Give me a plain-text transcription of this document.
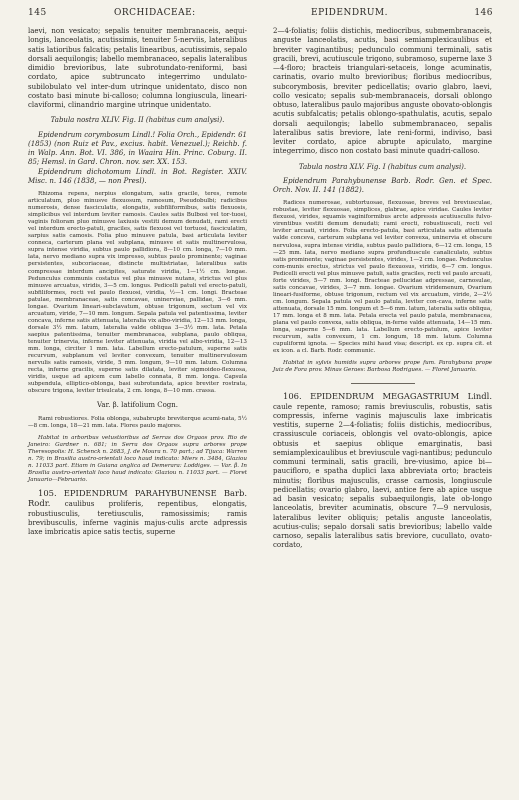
145	ORCHIDACEAE:	EPIDENDRUM.	146

laevi, non vesicato; sepalis tenuiter membranaceis, aequi-longis, lanceolatis, acutissimis, tenuiter 5-nerviis, lateralibus satis latioribus falcatis; petalis linearibus, acutissimis, sepalo dorsali aequilongis; labello membranaceo, sepalis lateralibus dimidio brevioribus, late subrotundato-reniformi, basi cordato, apice subtruncato integerrimo undulato-subilobulato vel inter-dum utrinque unidentato, disco non costato basi minute bi-calloso; columna longiuscula, lineari-claviformi, clinandrio margine utrinque unidentato.

Tabula nostra XLIV. Fig. II (habitus cum analysi).

Epidendrum corymbosum Lindl.! Folia Orch., Epidendr. 61 (1853) (non Ruiz et Pav., excius. habit. Venezuel.); Reichb. f. in Walp. Ann. Bot. VI. 386, in Waaira Hin. Princ. Coburg. II. 85; Hemsl. in Gard. Chron. nov. ser. XX. 153.

Epidendrum dichotomum Lindl. in Bot. Register. XXIV. Misc. n. 146 (1838, — non Presl).

Rhizoma repens, nerpius elongatum, satis gracile, teres, remote articulatum, pluo minusve flexuosum, ramosum, Pseudobulbi; radicibus numerosis, dense fasciculatis, elongatis, subfiliformibus, satis flexuosis, simplicibus vel interdum leviter ramosis. Caules satis Bulbosi vel tor-tuosi, vaginis folioram pluo minusve laxiusis vestiti demum denudati, rami erecti vel interdum erecto-patuli, graciles, satis flexuosi vel tortuosi, fasciculatim, sarpius satis camosis. Folia pluo minusve patula, basi articulata leviter conneca, carterum plana vel subplana, minusve et satis multinervulosa, supra intense viridia, subtus paulo pallidiora, 8—10 cm. longa, 7—10 mm. lata, nervo mediano supra vix impresso, subtus paulo prominente; vaginae persistentes, subcoriaceae, distincte multistriatae, lateralibus satis compressae interdum ancipites, saturate viridia, 1—1½ cm. longae. Pedunculus communis costatus vel plus minusve nutans, strictus vel plus minusve arcuatus, viridis, 3—5 cm. longus. Pedicelli patuli vel erecto-patuli, subfiliformes, recti vel paulo flexuosi, viridia, ½—1 cm. longi. Bracteae patulae, membranaceae, satis concavae, uninerviae, pallidae, 3—6 mm. longae. Ovarium lineari-subclavatum, obtuse trigonum, sectum vel vix arcuatum, viride, 7—10 mm. longum. Sepala patula vel patentissima, leviter concava, inferne satis attenuata, lateralia vix albo-viridia, 12—13 mm. longa, dorsale 3½ mm. latum, lateralia valde obliqua 3—3½ mm. lata. Petala saepius patentissima, tenuiter membranacea, subplana, paulo obliqua, tenuiter trinervia, inferne leviter attenuata, viridia vel albo-viridia, 12—13 mm. longa, circiter 1 mm. lata. Labellum erecto-patulum, superne satis recurvum, subplanum vel leviter convexum, tenuiter multinervulosum nervulis satis ramosis, viride, 5 mm. longum, 9—10 mm. latum. Columna recta, inferne gracilis, superne satis dilatata, leviter sigmoideo-flexuosa, viridis, usque ad apicem cum labello connata, 8 mm. longa. Capsula subpendula, elliptico-oblonga, basi subrotundata, apice breviter rostrata, obscure trigona, leviter trisulcata, 2 cm. longa, 8—10 mm. crassa.

Var. β. latifolium Cogn.

Rami robustiores. Folia oblonga, subabrupte breviterque acumi-nata, 5½—8 cm. longa, 18—21 mm. lata. Flores paulo majores.

Habitat in arboribus vetustioribus ad Serras dos Orgaos prov. Rio de Janeiro: Gardner n. 681; in Serra dos Orgaos supra arbores prope Theresopolis: H. Schenck n. 2683, J. de Moura n. 70 part.; ad Tijuca: Warren n. 79; in Brasilia austro-orientali loco haud indicato: Miers n. 3484, Glaziou n. 11033 part. Etiam in Guiana anglica ad Demerara: Loddiges. — Var. β. In Brasilia austro-orientali loco haud indicato: Glaziou n. 11033 part. — Floret Januario—Februario.

105. EPIDENDRUM PARAHYBUNENSE Barb. Rodr. caulibus proliferis, repentibus, elongatis, robustiusculis, teretiusculis, ramosissimis; ramis brevibusculis, inferne vaginis majus-culis arcte adpressis laxe imbricatis apice satis tectis, superne

2—4-foliatis; foliis distichis, mediocribus, submembranaceis, anguste lanceolatis, acutis, basi semiamplexicaulibus et breviter vaginantibus; pedunculo communi terminali, satis gracili, brevi, acutiuscule trigono, subramoso, superne laxe 3—4-floro; bracteis triangulari-setaceis, longe acuminatis, carinatis, ovario multo brevioribus; floribus mediocribus, subcorymbosis, breviter pedicellatis; ovario glabro, laevi, collo vesicato; sepalis sub-membranaceis, dorsali oblongo obtuso, lateralibus paulo majoribus anguste obovato-oblongis acutis subfalcatis; petalis oblongo-spathulatis, acutis, sepalo dorsali aequilongis; labello submembranaceo, sepalis lateralibus satis breviore, late reni-formi, indiviso, basi leviter cordato, apice abrupte apiculato, margine integerrimo, disco non costato basi minute quadri-calloso.

Tabula nostra XLV. Fig. I (habitus cum analysi).

Epidendrum Parahybunense Barb. Rodr. Gen. et Spec. Orch. Nov. II. 141 (1882).

Radices numerosae, subtortuosae, flexuosae, breves vel breviusculae, robustae, leviter flexuosae, simplices, glabrae, apice viridae. Caules leviter flexuosi, virides, squamis vaginiformibus arcte adpressis acutiusculis fulvo-virentibus vestiti demum denudati; rami erecti, robustiusculi, recti vel leviter arcuati, virides. Folia erecto-patula, basi articulata satis attenuata valde conceva, carterum subplana vel leviter convexa, uninervia et obscure nervulosa, supra intense viridia, subtus paulo pallidiora, 6—12 cm. longa, 15—25 mm. lata, nervo mediano supra profundiuscule canaliculato, subtus satis prominente; vaginae persistentes, virides, 1—2 cm. longae. Pedunculus com-munis erectus, strictus vel paulo flexuosus, viridis, 6—7 cm. longus. Pedicelli erecti vel plus minusve patuli, satis graciles, recti vel paulo arcuati, forte virides, 5—7 mm. longi. Bracteae pellucidae adpressae, carnosulae, satis concavae, virides, 3—7 mm. longae. Ovarium viridemenum, Ovarium lineari-fusiforme, obtuse trigonum, rectum vel vix arcuatum, viride, 2—2½ cm. longum. Sepala patula vel paulo patula, leviter con-cava, inferne satis attenuata, dorsale 15 mm. longum et 5—6 mm. latum, lateralia satis obliqua, 17 mm. longa et 8 mm. lata. Petala erecta vel paulo patula, membranacea, plana vel paulo convexa, satis obliqua, in-ferne valde attenuata, 14—15 mm. longa, superne 5—6 mm. lata. Labellum erecto-patulum, apice leviter recurvum, satis convexum, 1 cm. longum, 18 mm. latum. Columna cupuliformi ignota. — Species mihi haud visa; descript. ex cp. supra cit. et ex icon. a cl. Barb. Rodr. communic.

Habitat in sylvis humidis supra arbores prope fum. Parahybuna prope Juiz de Fora prov. Minas Geraes: Barbosa Rodrigues. — Floret Januario.

106. EPIDENDRUM MEGAGASTRIUM Lindl. caule repente, ramoso; ramis breviusculis, robustis, satis compressis, inferne vaginis majusculis laxe imbricatis vestitis, superne 2—4-foliatis; foliis distichis, mediocribus, crassiuscule coriaceis, oblongis vel ovato-oblongis, apice obtusis et saepius oblique emarginatis, basi semiamplexicaulibus et breviuscule vagi-nantibus; pedunculo communi terminali, satis gracili, bre-viusimo, apice bi—paucifloro, e spatha duplici laxa abbreviata orto; bracteis minutis; floribus majusculis, crasse carnosis, longiuscule pedicellatis; ovario glabro, laevi, antice fere ab apice usque ad basin vesicato; sepalis subaequilongis, late ob-longo lanceolatis, breviter acuminatis, obscure 7—9 nervulosis, lateralibus leviter obliquis; petalis anguste lanceolatis, acutius-culis; sepalo dorsali satis brevioribus; labello valde carnoso, sepalis lateralibus satis breviore, cucullato, ovato-cordato,
